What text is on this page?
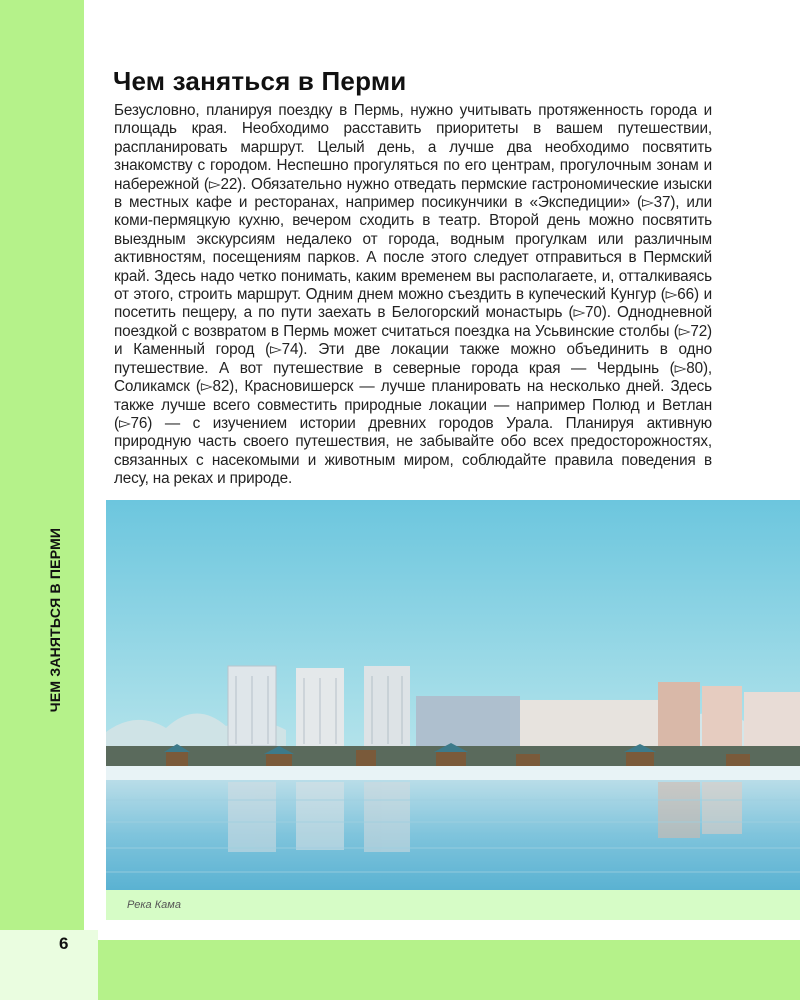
ЧЕМ ЗАНЯТЬСЯ В ПЕРМИ
6
Чем заняться в Перми

Безусловно, планируя поездку в Пермь, нужно учитывать протяженность города и площадь края. Необходимо расставить приоритеты в вашем путешествии, распланировать маршрут. Целый день, а лучше два необходимо посвятить знакомству с городом. Неспешно прогуляться по его центрам, прогулочным зонам и набережной (▻22). Обязательно нужно отведать пермские гастрономические изыски в местных кафе и ресторанах, например посикунчики в «Экспедиции» (▻37), или коми-пермяцкую кухню, вечером сходить в театр. Второй день можно посвятить выездным экскурсиям недалеко от города, водным прогулкам или различным активностям, посещениям парков. А после этого следует отправиться в Пермский край. Здесь надо четко понимать, каким временем вы располагаете, и, отталкиваясь от этого, строить маршрут. Одним днем можно съездить в купеческий Кунгур (▻66) и посетить пещеру, а по пути заехать в Белогорский монастырь (▻70). Однодневной поездкой с возвратом в Пермь может считаться поездка на Усьвинские столбы (▻72) и Каменный город (▻74). Эти две локации также можно объединить в одно путешествие. А вот путешествие в северные города края — Чердынь (▻80), Соликамск (▻82), Красновишерск — лучше планировать на несколько дней. Здесь также лучше всего совместить природные локации — например Полюд и Ветлан (▻76) — с изучением истории древних городов Урала. Планируя активную природную часть своего путешествия, не забывайте обо всех предосторожностях, связанных с насекомыми и животным миром, соблюдайте правила поведения в лесу, на реках и природе.

Река Кама
